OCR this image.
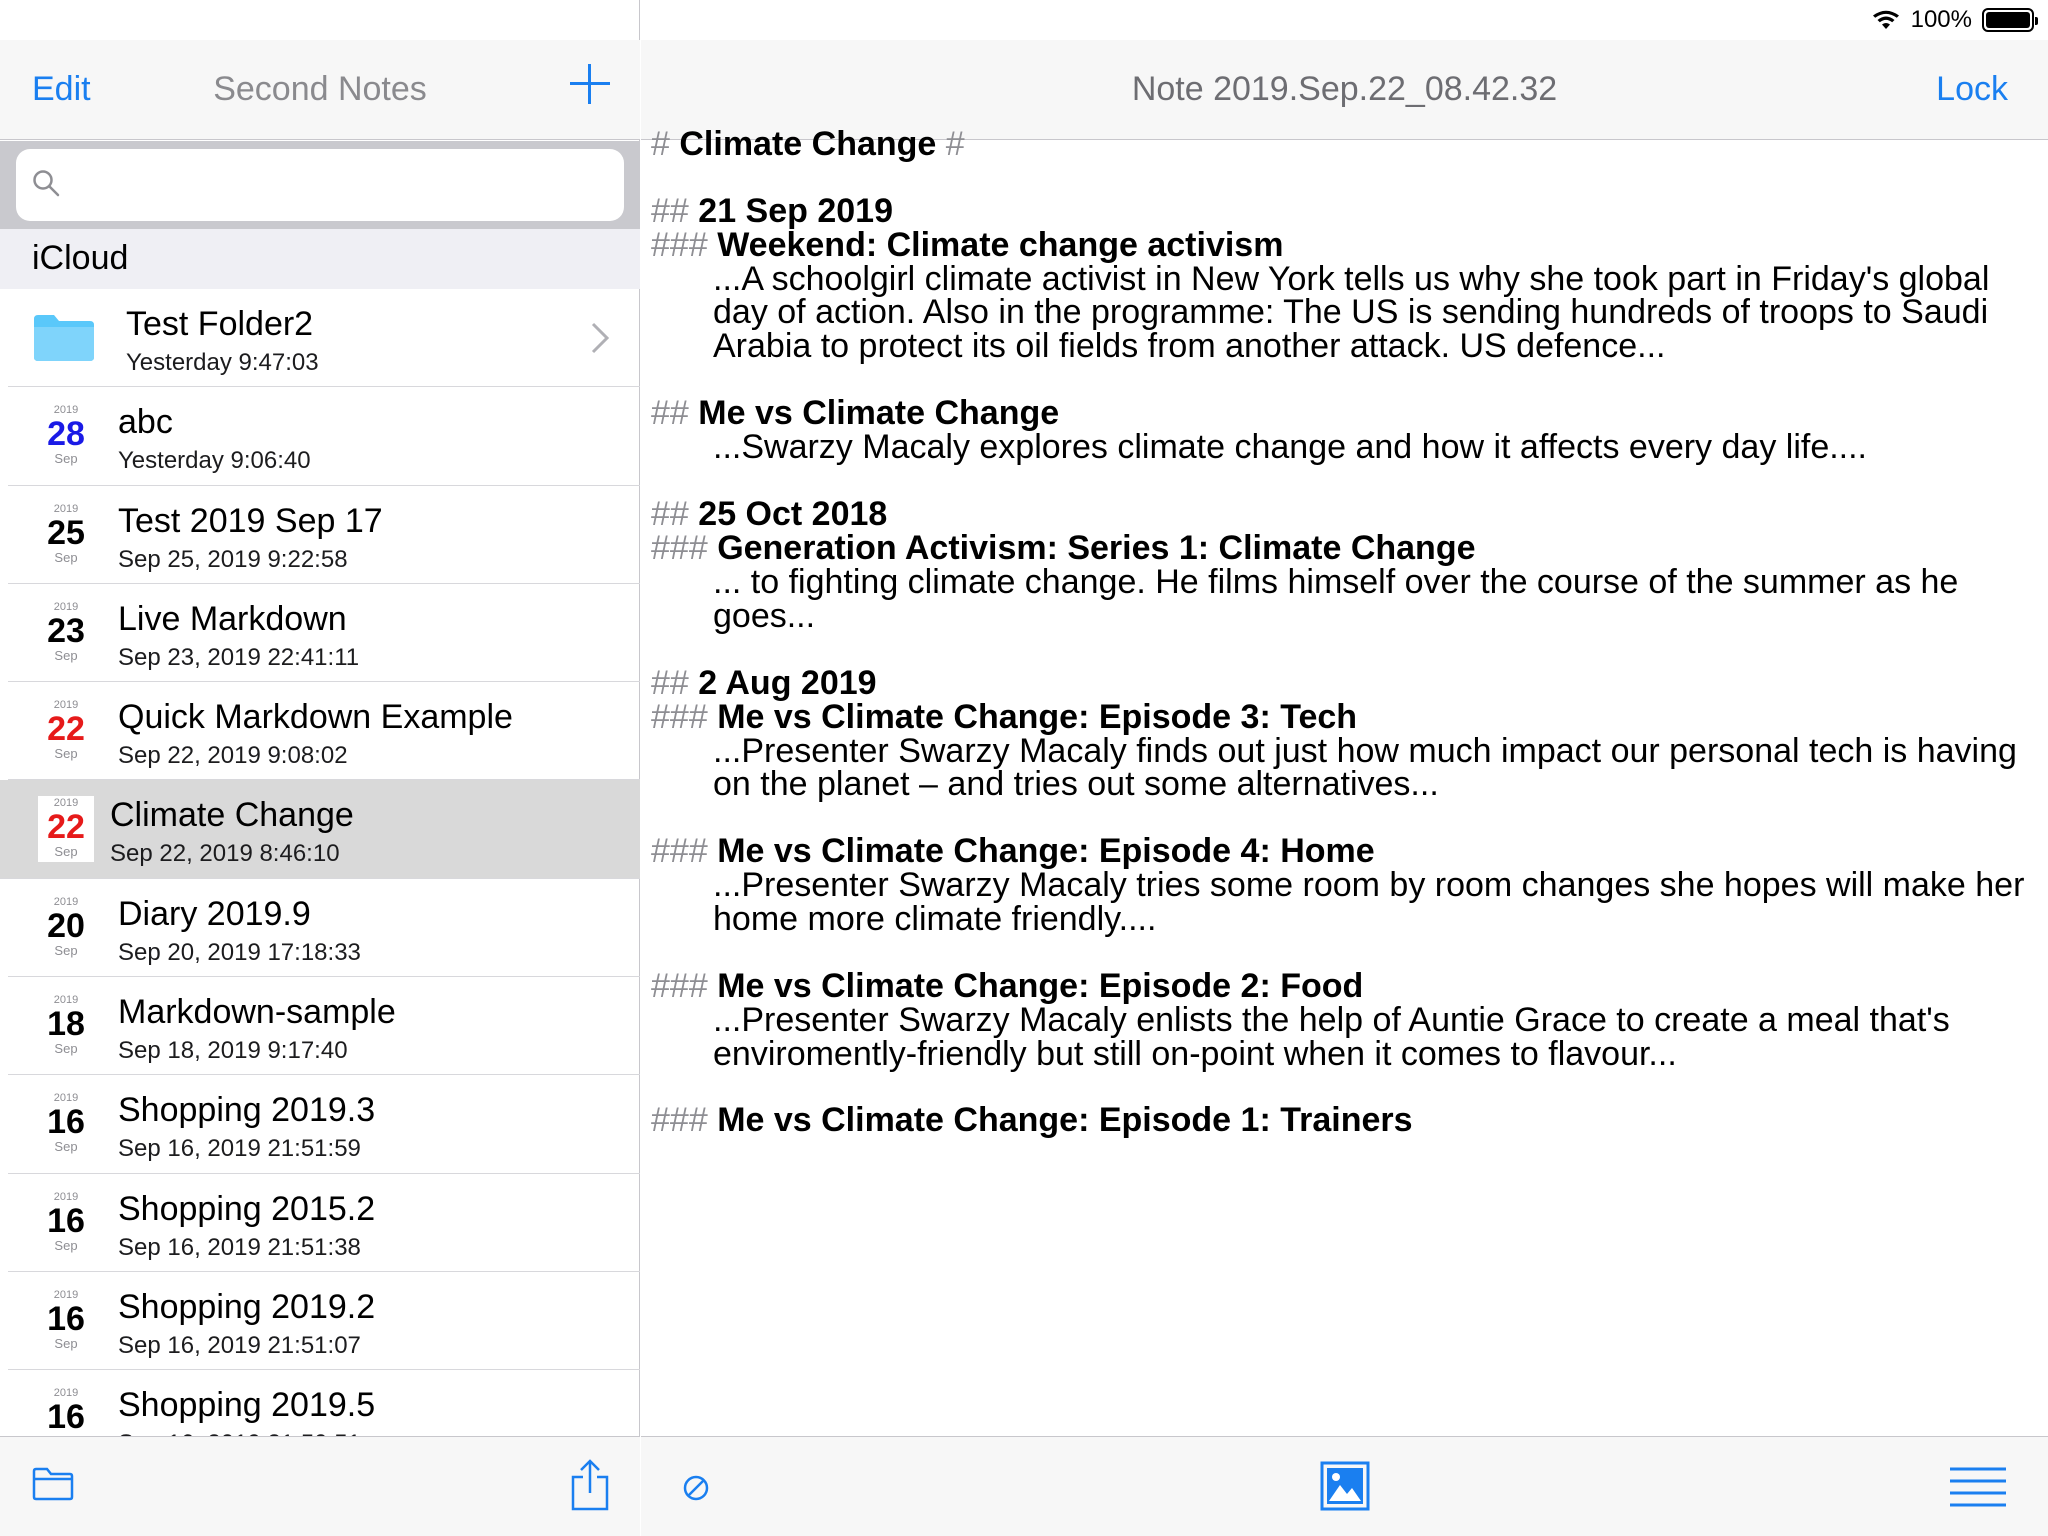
100%
Edit	Second Notes
iCloud
Test Folder2
Yesterday 9:47:03
2019
28
Sep
abc
Yesterday 9:06:40
2019
25
Sep
Test 2019 Sep 17
Sep 25, 2019 9:22:58
2019
23
Sep
Live Markdown
Sep 23, 2019 22:41:11
2019
22
Sep
Quick Markdown Example
Sep 22, 2019 9:08:02
2019
22
Sep
Climate Change
Sep 22, 2019 8:46:10
2019
20
Sep
Diary 2019.9
Sep 20, 2019 17:18:33
2019
18
Sep
Markdown-sample
Sep 18, 2019 9:17:40
2019
16
Sep
Shopping 2019.3
Sep 16, 2019 21:51:59
2019
16
Sep
Shopping 2015.2
Sep 16, 2019 21:51:38
2019
16
Sep
Shopping 2019.2
Sep 16, 2019 21:51:07
2019
16 Shopping 2019.5
Note 2019.Sep.22_08.42.32	Lock
# Climate Change #
## 21 Sep 2019
### Weekend: Climate change activism
...A schoolgirl climate activist in New York tells us why she took part in Friday's global
day of action. Also in the programme: The US is sending hundreds of troops to Saudi
Arabia to protect its oil fields from another attack. US defence...
## Me vs Climate Change
...Swarzy Macaly explores climate change and how it affects every day life....
## 25 Oct 2018
### Generation Activism: Series 1: Climate Change
... to fighting climate change. He films himself over the course of the summer as he
goes...
## 2 Aug 2019
### Me vs Climate Change: Episode 3: Tech
...Presenter Swarzy Macaly finds out just how much impact our personal tech is having
on the planet – and tries out some alternatives...
### Me vs Climate Change: Episode 4: Home
...Presenter Swarzy Macaly tries some room by room changes she hopes will make her
home more climate friendly....
### Me vs Climate Change: Episode 2: Food
...Presenter Swarzy Macaly enlists the help of Auntie Grace to create a meal that's
enviromently-friendly but still on-point when it comes to flavour...
### Me vs Climate Change: Episode 1: Trainers
